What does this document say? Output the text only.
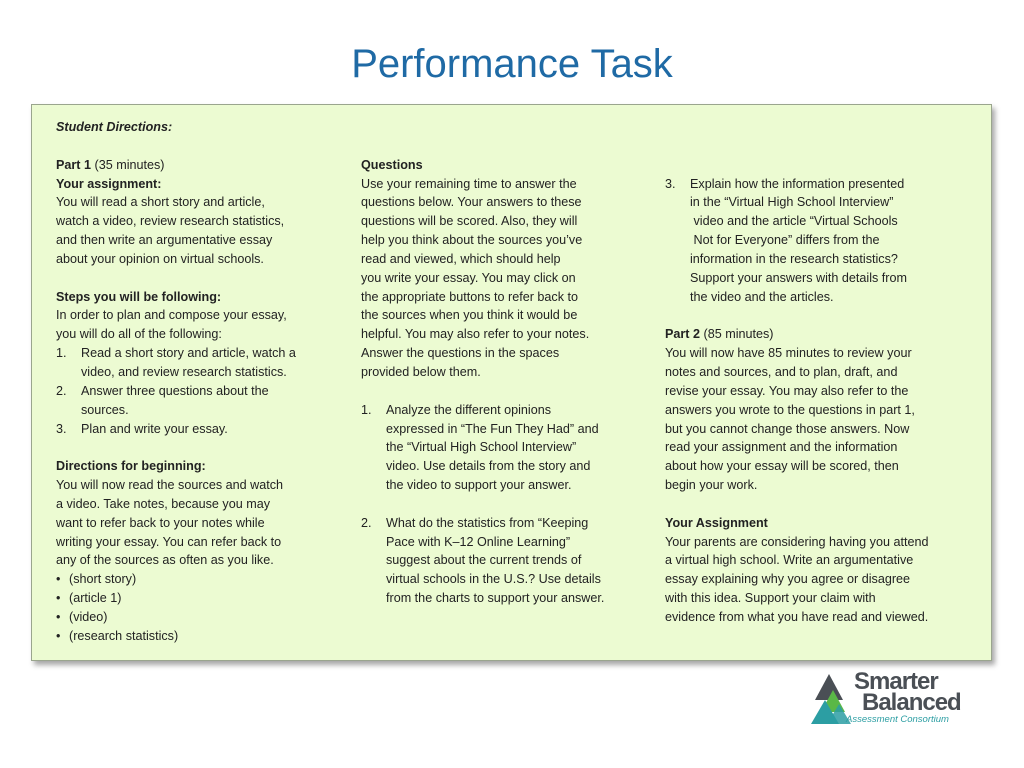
Performance Task
Student Directions:
Part 1 (35 minutes)
Your assignment:
You will read a short story and article,
watch a video, review research statistics,
and then write an argumentative essay
about your opinion on virtual schools.
Steps you will be following:
In order to plan and compose your essay,
you will do all of the following:
1. Read a short story and article, watch a
video, and review research statistics.
2. Answer three questions about the
sources.
3. Plan and write your essay.
Directions for beginning:
You will now read the sources and watch
a video. Take notes, because you may
want to refer back to your notes while
writing your essay. You can refer back to
any of the sources as often as you like.
• (short story)
• (article 1)
• (video)
• (research statistics)
Questions
Use your remaining time to answer the
questions below. Your answers to these
questions will be scored. Also, they will
help you think about the sources you’ve
read and viewed, which should help
you write your essay. You may click on
the appropriate buttons to refer back to
the sources when you think it would be
helpful. You may also refer to your notes.
Answer the questions in the spaces
provided below them.
1. Analyze the different opinions
expressed in “The Fun They Had” and
the “Virtual High School Interview”
video. Use details from the story and
the video to support your answer.
2. What do the statistics from “Keeping
Pace with K–12 Online Learning”
suggest about the current trends of
virtual schools in the U.S.? Use details
from the charts to support your answer.
3. Explain how the information presented
in the “Virtual High School Interview”
video and the article “Virtual Schools
Not for Everyone” differs from the
information in the research statistics?
Support your answers with details from
the video and the articles.
Part 2 (85 minutes)
You will now have 85 minutes to review your
notes and sources, and to plan, draft, and
revise your essay. You may also refer to the
answers you wrote to the questions in part 1,
but you cannot change those answers. Now
read your assignment and the information
about how your essay will be scored, then
begin your work.
Your Assignment
Your parents are considering having you attend
a virtual high school. Write an argumentative
essay explaining why you agree or disagree
with this idea. Support your claim with
evidence from what you have read and viewed.
Smarter
Balanced
Assessment Consortium
